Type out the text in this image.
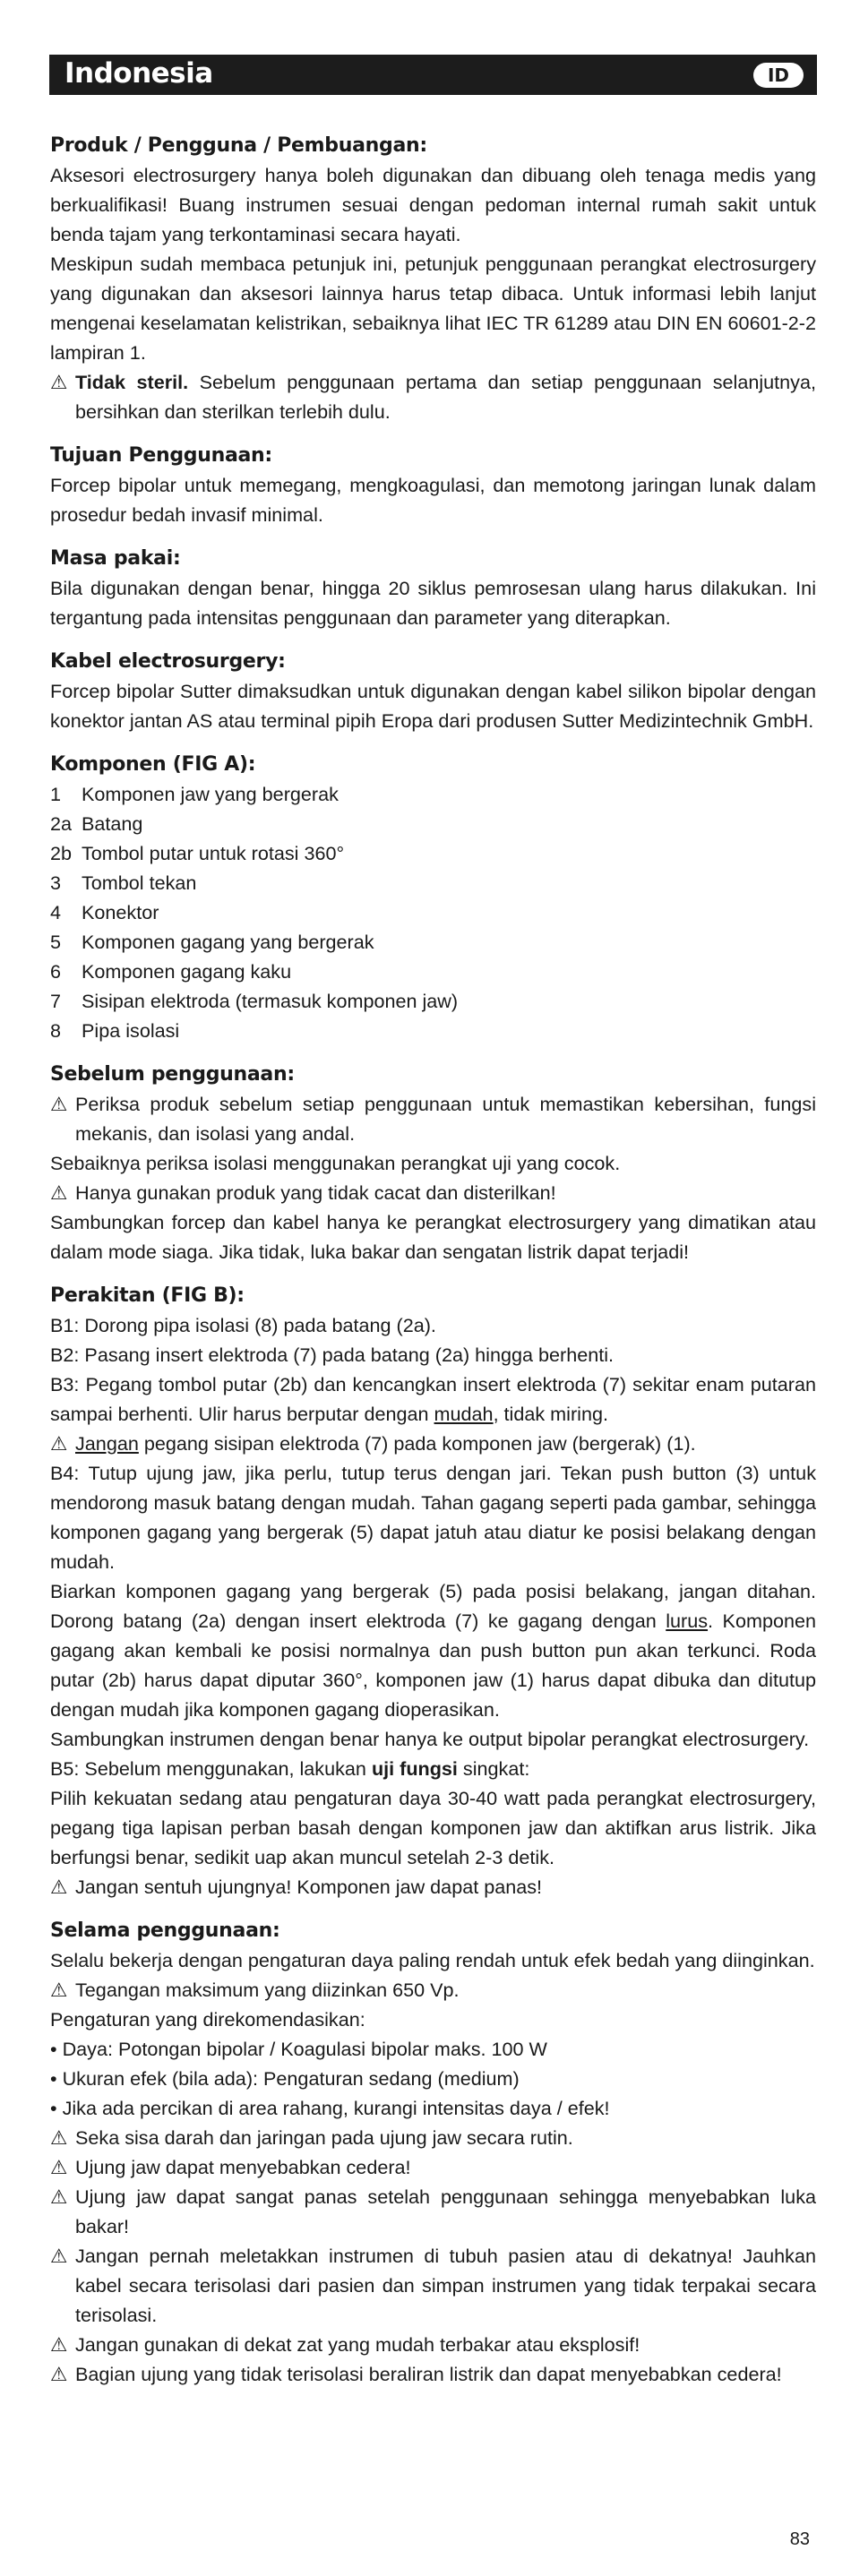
Indonesia	ID
Produk / Pengguna / Pembuangan:

Aksesori electrosurgery hanya boleh digunakan dan dibuang oleh tenaga medis yang berkualifikasi! Buang instrumen sesuai dengan pedoman internal rumah sakit untuk benda tajam yang terkontaminasi secara hayati.

Meskipun sudah membaca petunjuk ini, petunjuk penggunaan perangkat electrosurgery yang digunakan dan aksesori lainnya harus tetap dibaca. Untuk informasi lebih lanjut mengenai keselamatan kelistrikan, sebaiknya lihat IEC TR 61289 atau DIN EN 60601-2-2 lampiran 1.

⚠ Tidak steril. Sebelum penggunaan pertama dan setiap penggunaan selanjutnya, bersihkan dan sterilkan terlebih dulu.
Tujuan Penggunaan:

Forcep bipolar untuk memegang, mengkoagulasi, dan memotong jaringan lunak dalam prosedur bedah invasif minimal.

Masa pakai:

Bila digunakan dengan benar, hingga 20 siklus pemrosesan ulang harus dilakukan. Ini tergantung pada intensitas penggunaan dan parameter yang diterapkan.

Kabel electrosurgery:

Forcep bipolar Sutter dimaksudkan untuk digunakan dengan kabel silikon bipolar dengan konektor jantan AS atau terminal pipih Eropa dari produsen Sutter Medizintechnik GmbH.

Komponen (FIG A):
1	Komponen jaw yang bergerak
2a Batang
2b Tombol putar untuk rotasi 360°
3	Tombol tekan
4	Konektor
5	Komponen gagang yang bergerak
6	Komponen gagang kaku
7	Sisipan elektroda (termasuk komponen jaw)
8	Pipa isolasi
Sebelum penggunaan:
⚠ Periksa produk sebelum setiap penggunaan untuk memastikan kebersihan, fungsi mekanis, dan isolasi yang andal.

Sebaiknya periksa isolasi menggunakan perangkat uji yang cocok.

⚠ Hanya gunakan produk yang tidak cacat dan disterilkan!

Sambungkan forcep dan kabel hanya ke perangkat electrosurgery yang dimatikan atau dalam mode siaga. Jika tidak, luka bakar dan sengatan listrik dapat terjadi!

Perakitan (FIG B):

B1: Dorong pipa isolasi (8) pada batang (2a).

B2: Pasang insert elektroda (7) pada batang (2a) hingga berhenti.

B3: Pegang tombol putar (2b) dan kencangkan insert elektroda (7) sekitar enam putaran sampai berhenti. Ulir harus berputar dengan mudah, tidak miring.

⚠ Jangan pegang sisipan elektroda (7) pada komponen jaw (bergerak) (1).

B4: Tutup ujung jaw, jika perlu, tutup terus dengan jari. Tekan push button (3) untuk mendorong masuk batang dengan mudah. Tahan gagang seperti pada gambar, sehingga komponen gagang yang bergerak (5) dapat jatuh atau diatur ke posisi belakang dengan mudah.

Biarkan komponen gagang yang bergerak (5) pada posisi belakang, jangan ditahan. Dorong batang (2a) dengan insert elektroda (7) ke gagang dengan lurus. Komponen gagang akan kembali ke posisi normalnya dan push button pun akan terkunci. Roda putar (2b) harus dapat diputar 360°, komponen jaw (1) harus dapat dibuka dan ditutup dengan mudah jika komponen gagang dioperasikan.

Sambungkan instrumen dengan benar hanya ke output bipolar perangkat electrosurgery.

B5: Sebelum menggunakan, lakukan uji fungsi singkat:

Pilih kekuatan sedang atau pengaturan daya 30-40 watt pada perangkat electrosurgery, pegang tiga lapisan perban basah dengan komponen jaw dan aktifkan arus listrik. Jika berfungsi benar, sedikit uap akan muncul setelah 2-3 detik.

⚠ Jangan sentuh ujungnya! Komponen jaw dapat panas!
Selama penggunaan:

Selalu bekerja dengan pengaturan daya paling rendah untuk efek bedah yang diinginkan.

⚠ Tegangan maksimum yang diizinkan 650 Vp.

Pengaturan yang direkomendasikan:

• Daya: Potongan bipolar / Koagulasi bipolar maks. 100 W
• Ukuran efek (bila ada): Pengaturan sedang (medium)
• Jika ada percikan di area rahang, kurangi intensitas daya / efek!
⚠ Seka sisa darah dan jaringan pada ujung jaw secara rutin.
⚠ Ujung jaw dapat menyebabkan cedera!
⚠ Ujung jaw dapat sangat panas setelah penggunaan sehingga menyebabkan luka bakar!
⚠ Jangan pernah meletakkan instrumen di tubuh pasien atau di dekatnya! Jauhkan kabel secara terisolasi dari pasien dan simpan instrumen yang tidak terpakai secara terisolasi.
⚠ Jangan gunakan di dekat zat yang mudah terbakar atau eksplosif!
⚠ Bagian ujung yang tidak terisolasi beraliran listrik dan dapat menyebabkan cedera!
83
